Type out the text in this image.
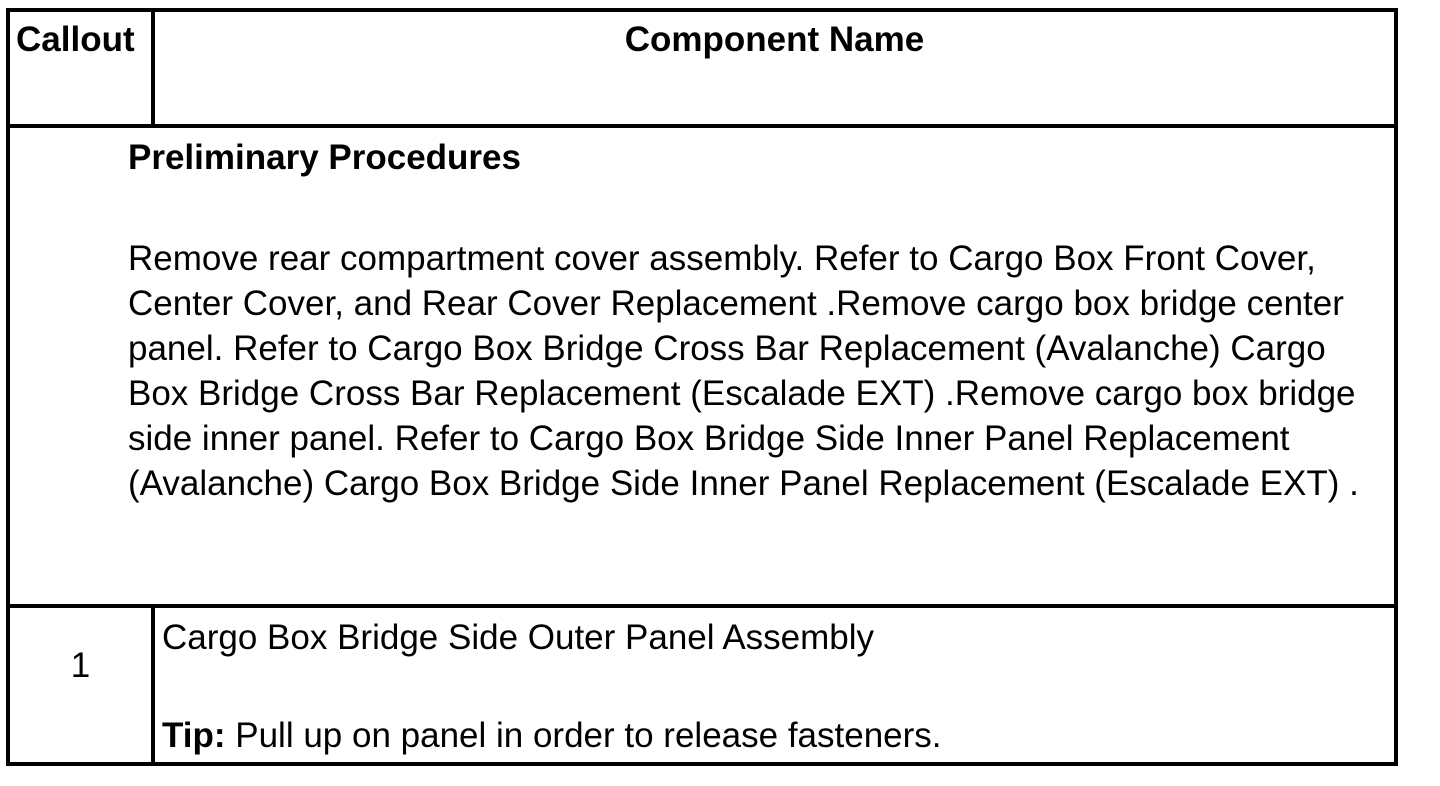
Callout	Component Name
Preliminary Procedures
Remove rear compartment cover assembly. Refer to Cargo Box Front Cover, Center Cover, and Rear Cover Replacement .Remove cargo box bridge center panel. Refer to Cargo Box Bridge Cross Bar Replacement (Avalanche) Cargo Box Bridge Cross Bar Replacement (Escalade EXT) .Remove cargo box bridge side inner panel. Refer to Cargo Box Bridge Side Inner Panel Replacement (Avalanche) Cargo Box Bridge Side Inner Panel Replacement (Escalade EXT) .
1
Cargo Box Bridge Side Outer Panel Assembly
Tip: Pull up on panel in order to release fasteners.
